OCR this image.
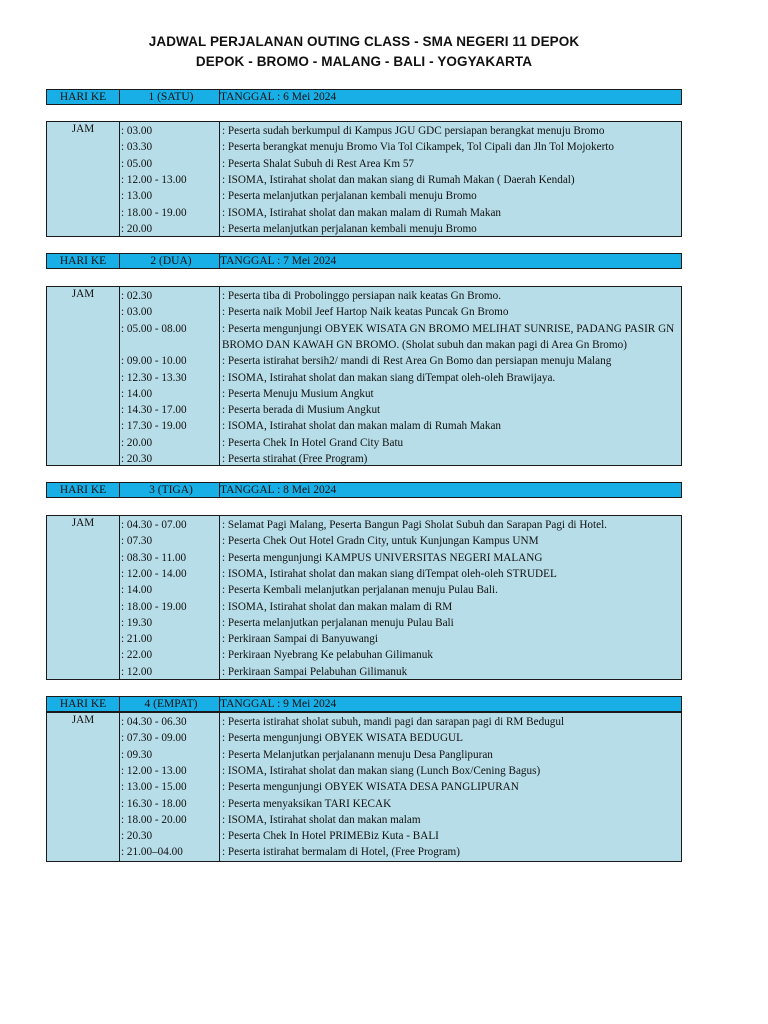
JADWAL PERJALANAN OUTING CLASS - SMA NEGERI 11 DEPOK
DEPOK - BROMO - MALANG - BALI - YOGYAKARTA
HARI KE	1 (SATU)	TANGGAL : 6 Mei 2024
JAM	: 03.00	: Peserta sudah berkumpul di Kampus JGU GDC persiapan berangkat menuju Bromo
: 03.30	: Peserta berangkat menuju Bromo Via Tol Cikampek, Tol Cipali dan Jln Tol Mojokerto
: 05.00	: Peserta Shalat Subuh di Rest Area Km 57
: 12.00 - 13.00	: ISOMA, Istirahat sholat dan makan siang di Rumah Makan ( Daerah Kendal)
: 13.00	: Peserta melanjutkan perjalanan kembali menuju Bromo
: 18.00 - 19.00	: ISOMA, Istirahat sholat dan makan malam di Rumah Makan
: 20.00	: Peserta melanjutkan perjalanan kembali menuju Bromo
HARI KE	2 (DUA)	TANGGAL : 7 Mei 2024
JAM	: 02.30	: Peserta tiba di Probolinggo persiapan naik keatas Gn Bromo.
: 03.00	: Peserta naik Mobil Jeef Hartop Naik keatas Puncak Gn Bromo
: 05.00 - 08.00	: Peserta mengunjungi OBYEK WISATA GN BROMO MELIHAT SUNRISE, PADANG PASIR GN BROMO DAN KAWAH GN BROMO. (Sholat subuh dan makan pagi di Area Gn Bromo)
: 09.00 - 10.00	: Peserta istirahat bersih2/ mandi di Rest Area Gn Bomo dan persiapan menuju Malang
: 12.30 - 13.30	: ISOMA, Istirahat sholat dan makan siang diTempat oleh-oleh Brawijaya.
: 14.00	: Peserta Menuju Musium Angkut
: 14.30 - 17.00	: Peserta berada di Musium Angkut
: 17.30 - 19.00	: ISOMA, Istirahat sholat dan makan malam di Rumah Makan
: 20.00	: Peserta Chek In Hotel Grand City Batu
: 20.30	: Peserta stirahat (Free Program)
HARI KE	3 (TIGA)	TANGGAL : 8 Mei 2024
JAM	: 04.30 - 07.00	: Selamat Pagi Malang, Peserta Bangun Pagi Sholat Subuh dan Sarapan Pagi di Hotel.
: 07.30	: Peserta Chek Out Hotel Gradn City, untuk Kunjungan Kampus UNM
: 08.30 - 11.00	: Peserta mengunjungi KAMPUS UNIVERSITAS NEGERI MALANG
: 12.00 - 14.00	: ISOMA, Istirahat sholat dan makan siang diTempat oleh-oleh STRUDEL
: 14.00	: Peserta Kembali melanjutkan perjalanan menuju Pulau Bali.
: 18.00 - 19.00	: ISOMA, Istirahat sholat dan makan malam di RM
: 19.30	: Peserta melanjutkan perjalanan menuju Pulau Bali
: 21.00	: Perkiraan Sampai di Banyuwangi
: 22.00	: Perkiraan Nyebrang Ke pelabuhan Gilimanuk
: 12.00	: Perkiraan Sampai Pelabuhan Gilimanuk
HARI KE	4 (EMPAT)	TANGGAL : 9 Mei 2024
JAM	: 04.30 - 06.30	: Peserta istirahat sholat subuh, mandi pagi dan sarapan pagi di RM Bedugul
: 07.30 - 09.00	: Peserta mengunjungi OBYEK WISATA BEDUGUL
: 09.30	: Peserta Melanjutkan perjalanann menuju Desa Panglipuran
: 12.00 - 13.00	: ISOMA, Istirahat sholat dan makan siang (Lunch Box/Cening Bagus)
: 13.00 - 15.00	: Peserta mengunjungi OBYEK WISATA DESA PANGLIPURAN
: 16.30 - 18.00	: Peserta menyaksikan TARI KECAK
: 18.00 - 20.00	: ISOMA, Istirahat sholat dan makan malam
: 20.30	: Peserta Chek In Hotel PRIMEBiz Kuta - BALI
: 21.00–04.00	: Peserta istirahat bermalam di Hotel, (Free Program)
